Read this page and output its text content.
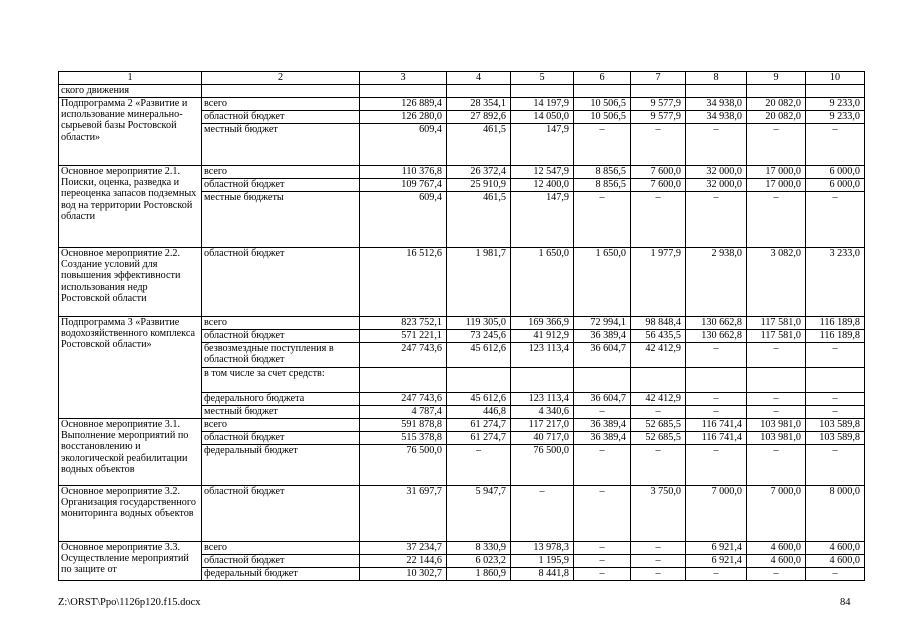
1	2	3	4	5	6	7	8	9	10
ского движения									
Подпрограмма 2 «Развитие и использование минерально-сырьевой базы Ростовской области»	всего	126 889,4	28 354,1	14 197,9	10 506,5	9 577,9	34 938,0	20 082,0	9 233,0
	областной бюджет	126 280,0	27 892,6	14 050,0	10 506,5	9 577,9	34 938,0	20 082,0	9 233,0
	местный бюджет	609,4	461,5	147,9	–	–	–	–	–
Основное мероприятие 2.1. Поиски, оценка, разведка и переоценка запасов подземных вод на территории Ростовской области	всего	110 376,8	26 372,4	12 547,9	8 856,5	7 600,0	32 000,0	17 000,0	6 000,0
	областной бюджет	109 767,4	25 910,9	12 400,0	8 856,5	7 600,0	32 000,0	17 000,0	6 000,0
	местные бюджеты	609,4	461,5	147,9	–	–	–	–	–
Основное мероприятие 2.2. Создание условий для повышения эффективности использования недр Ростовской области	областной бюджет	16 512,6	1 981,7	1 650,0	1 650,0	1 977,9	2 938,0	3 082,0	3 233,0
Подпрограмма 3 «Развитие водохозяйственного комплекса Ростовской области»	всего	823 752,1	119 305,0	169 366,9	72 994,1	98 848,4	130 662,8	117 581,0	116 189,8
	областной бюджет	571 221,1	73 245,6	41 912,9	36 389,4	56 435,5	130 662,8	117 581,0	116 189,8
	безвозмездные поступления в областной бюджет	247 743,6	45 612,6	123 113,4	36 604,7	42 412,9	–	–	–
	в том числе за счет средств:								
	федерального бюджета	247 743,6	45 612,6	123 113,4	36 604,7	42 412,9	–	–	–
	местный бюджет	4 787,4	446,8	4 340,6	–	–	–	–	–
Основное мероприятие 3.1. Выполнение мероприятий по восстановлению и экологической реабилитации водных объектов	всего	591 878,8	61 274,7	117 217,0	36 389,4	52 685,5	116 741,4	103 981,0	103 589,8
	областной бюджет	515 378,8	61 274,7	40 717,0	36 389,4	52 685,5	116 741,4	103 981,0	103 589,8
	федеральный бюджет	76 500,0	–	76 500,0	–	–	–	–	–
Основное мероприятие 3.2. Организация государственного мониторинга водных объектов	областной бюджет	31 697,7	5 947,7	–	–	3 750,0	7 000,0	7 000,0	8 000,0
Основное мероприятие 3.3. Осуществление мероприятий по защите от	всего	37 234,7	8 330,9	13 978,3	–	–	6 921,4	4 600,0	4 600,0
	областной бюджет	22 144,6	6 023,2	1 195,9	–	–	6 921,4	4 600,0	4 600,0
	федеральный бюджет	10 302,7	1 860,9	8 441,8	–	–	–	–	–
Z:\ORST\Ppo\1126p120.f15.docx	84
